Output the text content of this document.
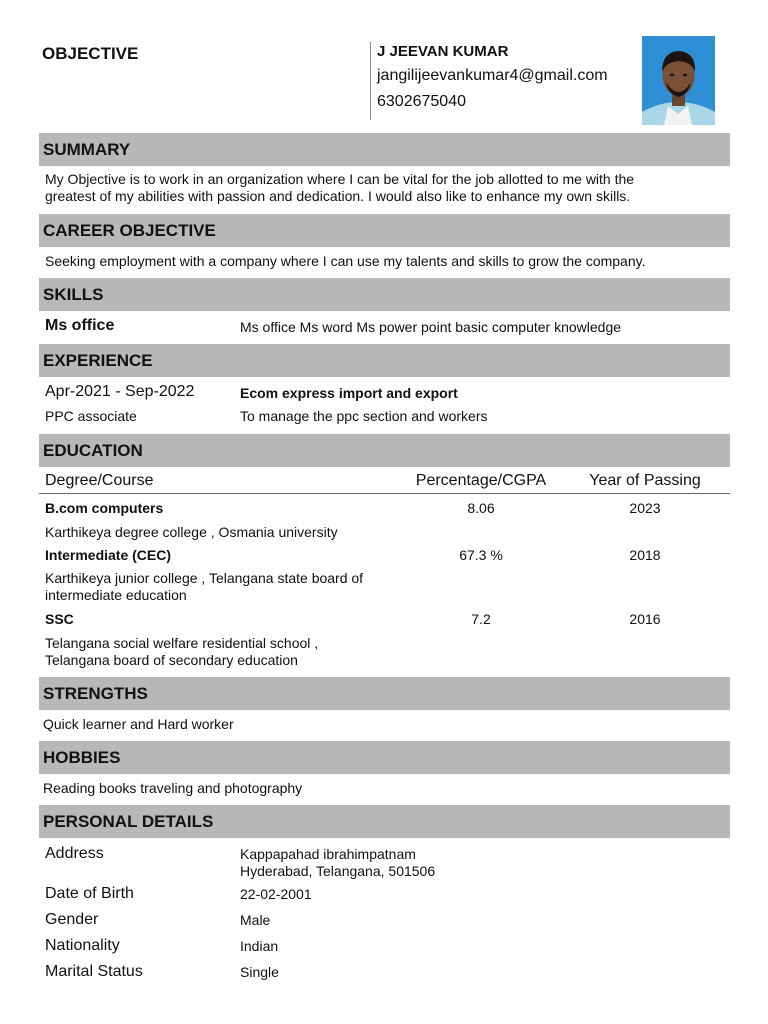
OBJECTIVE	J JEEVAN KUMAR
jangilijeevankumar4@gmail.com
6302675040
SUMMARY
My Objective is to work in an organization where I can be vital for the job allotted to me with the
greatest of my abilities with passion and dedication. I would also like to enhance my own skills.
CAREER OBJECTIVE
Seeking employment with a company where I can use my talents and skills to grow the company.
SKILLS
Ms office	Ms office Ms word Ms power point basic computer knowledge
EXPERIENCE
Apr-2021 - Sep-2022	Ecom express import and export
PPC associate	To manage the ppc section and workers
EDUCATION
Degree/Course	Percentage/CGPA	Year of Passing
B.com computers	8.06	2023
Karthikeya degree college , Osmania university
Intermediate (CEC)	67.3 %	2018
Karthikeya junior college , Telangana state board of
intermediate education
SSC	7.2	2016
Telangana social welfare residential school ,
Telangana board of secondary education
STRENGTHS
Quick learner and Hard worker
HOBBIES
Reading books traveling and photography
PERSONAL DETAILS
Address	Kappapahad ibrahimpatnam
Hyderabad, Telangana, 501506
Date of Birth	22-02-2001
Gender	Male
Nationality	Indian
Marital Status	Single
